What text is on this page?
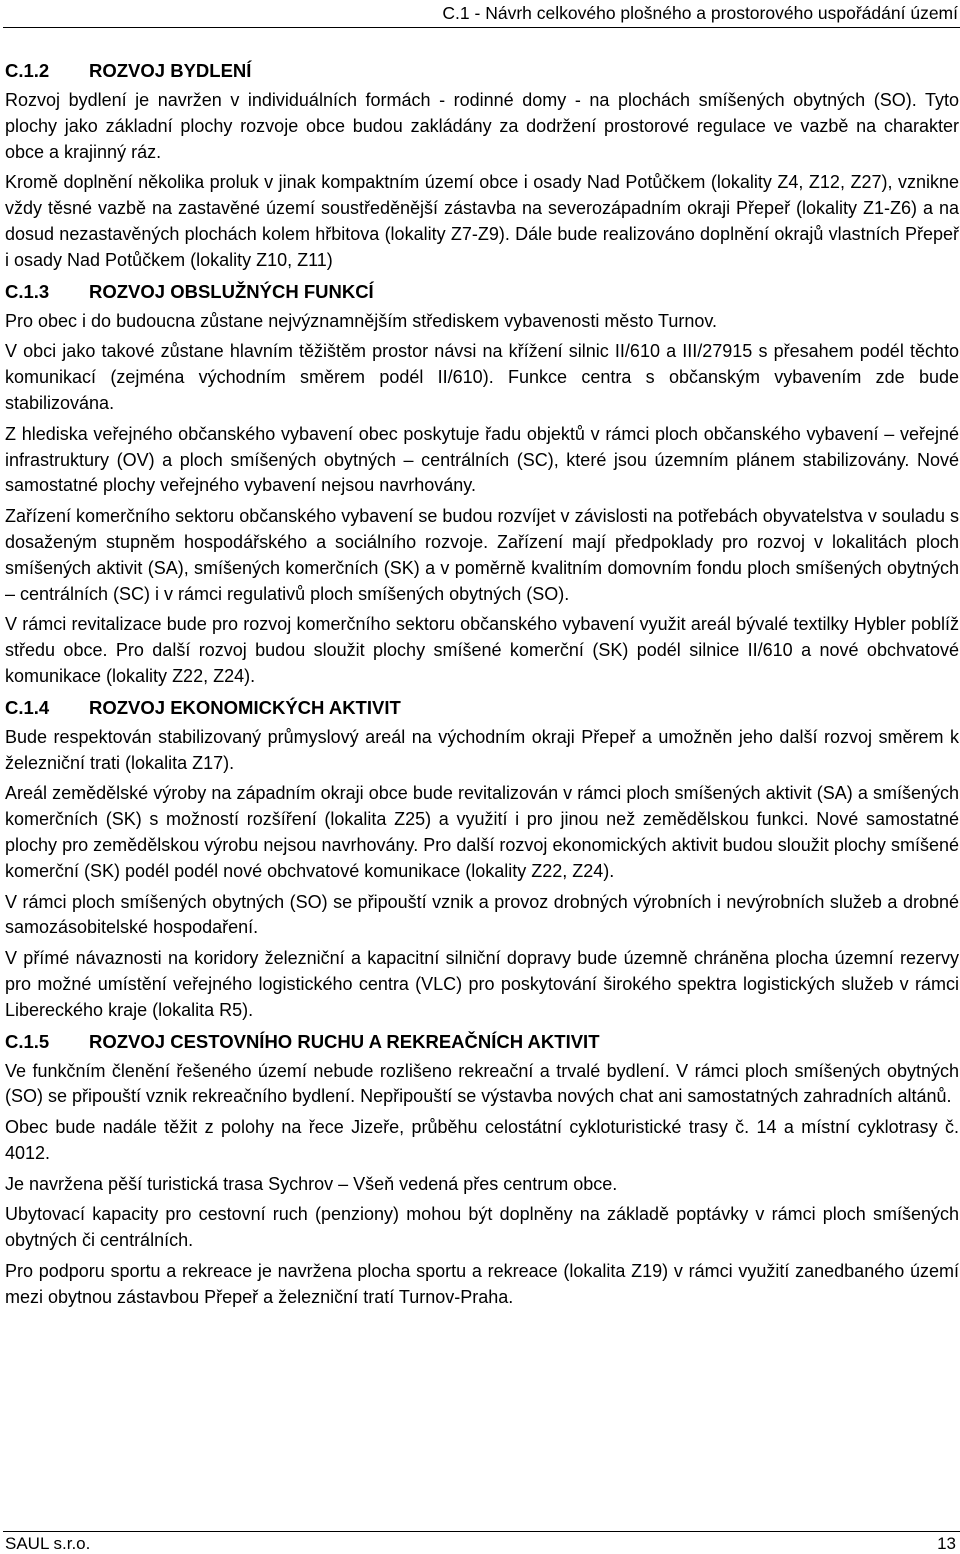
C.1 - Návrh celkového plošného a prostorového uspořádání území
C.1.2	ROZVOJ BYDLENÍ
Rozvoj bydlení je navržen v individuálních formách - rodinné domy - na plochách smíšených obytných (SO). Tyto plochy jako základní plochy rozvoje obce budou zakládány za dodržení prostorové regulace ve vazbě na charakter obce a krajinný ráz.
Kromě doplnění několika proluk v jinak kompaktním území obce i osady Nad Potůčkem (lokality Z4, Z12, Z27), vznikne vždy těsné vazbě na zastavěné území soustředěnější zástavba na severozápadním okraji Přepeř (lokality Z1-Z6) a na dosud nezastavěných plochách kolem hřbitova (lokality Z7-Z9). Dále bude realizováno doplnění okrajů vlastních Přepeř i osady Nad Potůčkem (lokality Z10, Z11)
C.1.3	ROZVOJ OBSLUŽNÝCH FUNKCÍ
Pro obec i do budoucna zůstane nejvýznamnějším střediskem vybavenosti město Turnov.
V obci jako takové zůstane hlavním těžištěm prostor návsi na křížení silnic II/610 a III/27915 s přesahem podél těchto komunikací (zejména východním směrem podél II/610). Funkce centra s občanským vybavením zde bude stabilizována.
Z hlediska veřejného občanského vybavení obec poskytuje řadu objektů v rámci ploch občanského vybavení – veřejné infrastruktury (OV) a ploch smíšených obytných – centrálních (SC), které jsou územním plánem stabilizovány. Nové samostatné plochy veřejného vybavení nejsou navrhovány.
Zařízení komerčního sektoru občanského vybavení se budou rozvíjet v závislosti na potřebách obyvatelstva v souladu s dosaženým stupněm hospodářského a sociálního rozvoje. Zařízení mají předpoklady pro rozvoj v lokalitách ploch smíšených aktivit (SA), smíšených komerčních (SK) a v poměrně kvalitním domovním fondu ploch smíšených obytných – centrálních (SC) i v rámci regulativů ploch smíšených obytných (SO).
V rámci revitalizace bude pro rozvoj komerčního sektoru občanského vybavení využit areál bývalé textilky Hybler poblíž středu obce. Pro další rozvoj budou sloužit plochy smíšené komerční (SK) podél silnice II/610 a nové obchvatové komunikace (lokality Z22, Z24).
C.1.4	ROZVOJ EKONOMICKÝCH AKTIVIT
Bude respektován stabilizovaný průmyslový areál na východním okraji Přepeř a umožněn jeho další rozvoj směrem k železniční trati (lokalita Z17).
Areál zemědělské výroby na západním okraji obce bude revitalizován v rámci ploch smíšených aktivit (SA) a smíšených komerčních (SK) s možností rozšíření (lokalita Z25) a využití i pro jinou než zemědělskou funkci. Nové samostatné plochy pro zemědělskou výrobu nejsou navrhovány. Pro další rozvoj ekonomických aktivit budou sloužit plochy smíšené komerční (SK) podél podél nové obchvatové komunikace (lokality Z22, Z24).
V rámci ploch smíšených obytných (SO) se připouští vznik a provoz drobných výrobních i nevýrobních služeb a drobné samozásobitelské hospodaření.
V přímé návaznosti na koridory železniční a kapacitní silniční dopravy bude územně chráněna plocha územní rezervy pro možné umístění veřejného logistického centra (VLC) pro poskytování širokého spektra logistických služeb v rámci Libereckého kraje (lokalita R5).
C.1.5	ROZVOJ CESTOVNÍHO RUCHU A REKREAČNÍCH AKTIVIT
Ve funkčním členění řešeného území nebude rozlišeno rekreační a trvalé bydlení. V rámci ploch smíšených obytných (SO) se připouští vznik rekreačního bydlení. Nepřipouští se výstavba nových chat ani samostatných zahradních altánů.
Obec bude nadále těžit z polohy na řece Jizeře, průběhu celostátní cykloturistické trasy č. 14 a místní cyklotrasy č. 4012.
Je navržena pěší turistická trasa Sychrov – Všeň vedená přes centrum obce.
Ubytovací kapacity pro cestovní ruch (penziony) mohou být doplněny na základě poptávky v rámci ploch smíšených obytných či centrálních.
Pro podporu sportu a rekreace je navržena plocha sportu a rekreace (lokalita Z19) v rámci využití zanedbaného území mezi obytnou zástavbou Přepeř a železniční tratí Turnov-Praha.
SAUL s.r.o.	13
